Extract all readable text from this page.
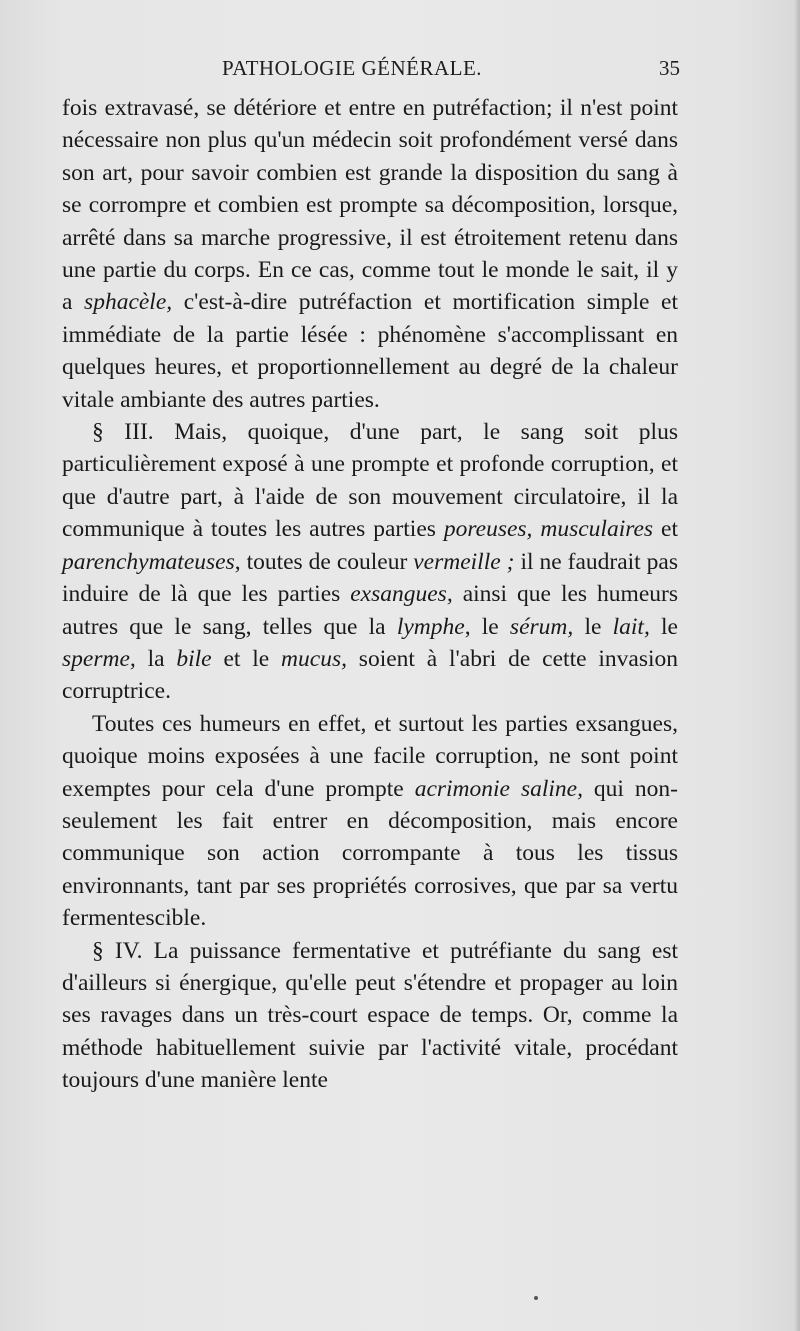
PATHOLOGIE GÉNÉRALE.	35

fois extravasé, se détériore et entre en putréfaction; il n'est point nécessaire non plus qu'un médecin soit profondément versé dans son art, pour savoir combien est grande la disposition du sang à se corrompre et combien est prompte sa décomposition, lorsque, arrêté dans sa marche progressive, il est étroitement retenu dans une partie du corps. En ce cas, comme tout le monde le sait, il y a sphacèle, c'est-à-dire putréfaction et mortification simple et immédiate de la partie lésée : phénomène s'accomplissant en quelques heures, et proportionnellement au degré de la chaleur vitale ambiante des autres parties.

§ III. Mais, quoique, d'une part, le sang soit plus particulièrement exposé à une prompte et profonde corruption, et que d'autre part, à l'aide de son mouvement circulatoire, il la communique à toutes les autres parties poreuses, musculaires et parenchymateuses, toutes de couleur vermeille ; il ne faudrait pas induire de là que les parties exsangues, ainsi que les humeurs autres que le sang, telles que la lymphe, le sérum, le lait, le sperme, la bile et le mucus, soient à l'abri de cette invasion corruptrice.

Toutes ces humeurs en effet, et surtout les parties exsangues, quoique moins exposées à une facile corruption, ne sont point exemptes pour cela d'une prompte acrimonie saline, qui non-seulement les fait entrer en décomposition, mais encore communique son action corrompante à tous les tissus environnants, tant par ses propriétés corrosives, que par sa vertu fermentescible.

§ IV. La puissance fermentative et putréfiante du sang est d'ailleurs si énergique, qu'elle peut s'étendre et propager au loin ses ravages dans un très-court espace de temps. Or, comme la méthode habituellement suivie par l'activité vitale, procédant toujours d'une manière lente
